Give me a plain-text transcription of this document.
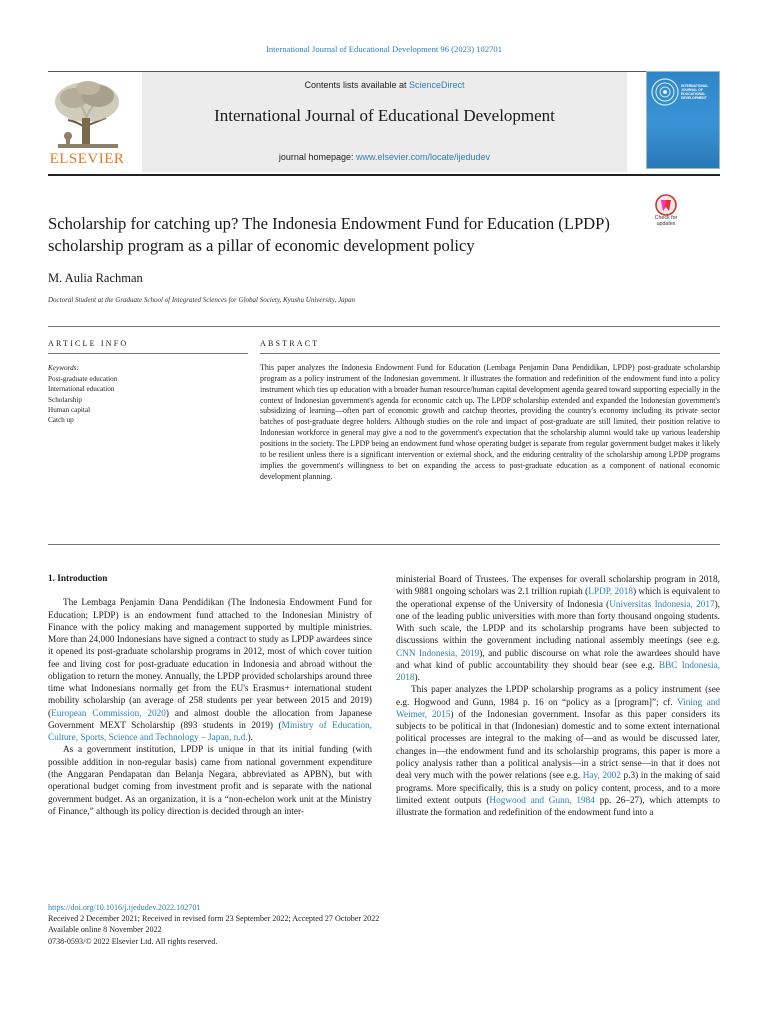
International Journal of Educational Development 96 (2023) 102701
ELSEVIER
Contents lists available at ScienceDirect
International Journal of Educational Development
journal homepage: www.elsevier.com/locate/ijedudev
INTERNATIONAL JOURNAL OF EDUCATIONAL DEVELOPMENT
Scholarship for catching up? The Indonesia Endowment Fund for Education (LPDP) scholarship program as a pillar of economic development policy
Check for updates
M. Aulia Rachman
Doctoral Student at the Graduate School of Integrated Sciences for Global Society, Kyushu University, Japan
ARTICLE INFO
Keywords:
Post-graduate education
International education
Scholarship
Human capital
Catch up
ABSTRACT
This paper analyzes the Indonesia Endowment Fund for Education (Lembaga Penjamin Dana Pendidikan, LPDP) post-graduate scholarship program as a policy instrument of the Indonesian government. It illustrates the formation and redefinition of the endowment fund into a policy instrument which ties up education with a broader human resource/human capital development agenda geared toward supporting especially in the context of Indonesian government's agenda for economic catch up. The LPDP scholarship extended and expanded the Indonesian government's subsidizing of learning—often part of economic growth and catchup theories, providing the country's economy including its private sector batches of post-graduate degree holders. Although studies on the role and impact of post-graduate are still limited, their position relative to Indonesian workforce in general may give a nod to the government's expectation that the scholarship alumni would take up various leadership positions in the society. The LPDP being an endowment fund whose operating budget is separate from regular government budget makes it likely to be resilient unless there is a significant intervention or external shock, and the enduring centrality of the scholarship among LPDP programs implies the government's willingness to bet on expanding the access to post-graduate education as a component of national economic development planning.

1. Introduction

The Lembaga Penjamin Dana Pendidikan (The Indonesia Endowment Fund for Education; LPDP) is an endowment fund attached to the Indonesian Ministry of Finance with the policy making and management supported by multiple ministries. More than 24,000 Indonesians have signed a contract to study as LPDP awardees since it opened its post-graduate scholarship programs in 2012, most of which cover tuition fee and living cost for post-graduate education in Indonesia and abroad without the obligation to return the money. Annually, the LPDP provided scholarships around three time what Indonesians normally get from the EU's Erasmus+ international student mobility scholarship (an average of 258 students per year between 2015 and 2019) (European Commission, 2020) and almost double the allocation from Japanese Government MEXT Scholarship (893 students in 2019) (Ministry of Education, Culture, Sports, Science and Technology – Japan, n.d.).

As a government institution, LPDP is unique in that its initial funding (with possible addition in non-regular basis) came from national government expenditure (the Anggaran Pendapatan dan Belanja Negara, abbreviated as APBN), but with operational budget coming from investment profit and is separate with the national government budget. As an organization, it is a “non-echelon work unit at the Ministry of Finance,” although its policy direction is decided through an inter-

ministerial Board of Trustees. The expenses for overall scholarship program in 2018, with 9881 ongoing scholars was 2.1 trillion rupiah (LPDP, 2018) which is equivalent to the operational expense of the University of Indonesia (Universitas Indonesia, 2017), one of the leading public universities with more than forty thousand ongoing students. With such scale, the LPDP and its scholarship programs have been subjected to discussions within the government including national assembly meetings (see e.g. CNN Indonesia, 2019), and public discourse on what role the awardees should have and what kind of public accountability they should bear (see e.g. BBC Indonesia, 2018).

This paper analyzes the LPDP scholarship programs as a policy instrument (see e.g. Hogwood and Gunn, 1984 p. 16 on “policy as a [program]”; cf. Vining and Weimer, 2015) of the Indonesian government. Insofar as this paper considers its subjects to be political in that (Indonesian) domestic and to some extent international political processes are integral to the making of—and as would be discussed later, changes in—the endowment fund and its scholarship programs, this paper is more a policy analysis rather than a political analysis—in a strict sense—in that it does not deal very much with the power relations (see e.g. Hay, 2002 p.3) in the making of said programs. More specifically, this is a study on policy content, process, and to a more limited extent outputs (Hogwood and Gunn, 1984 pp. 26–27), which attempts to illustrate the formation and redefinition of the endowment fund into a

https://doi.org/10.1016/j.ijedudev.2022.102701
Received 2 December 2021; Received in revised form 23 September 2022; Accepted 27 October 2022
Available online 8 November 2022
0738-0593/© 2022 Elsevier Ltd. All rights reserved.
